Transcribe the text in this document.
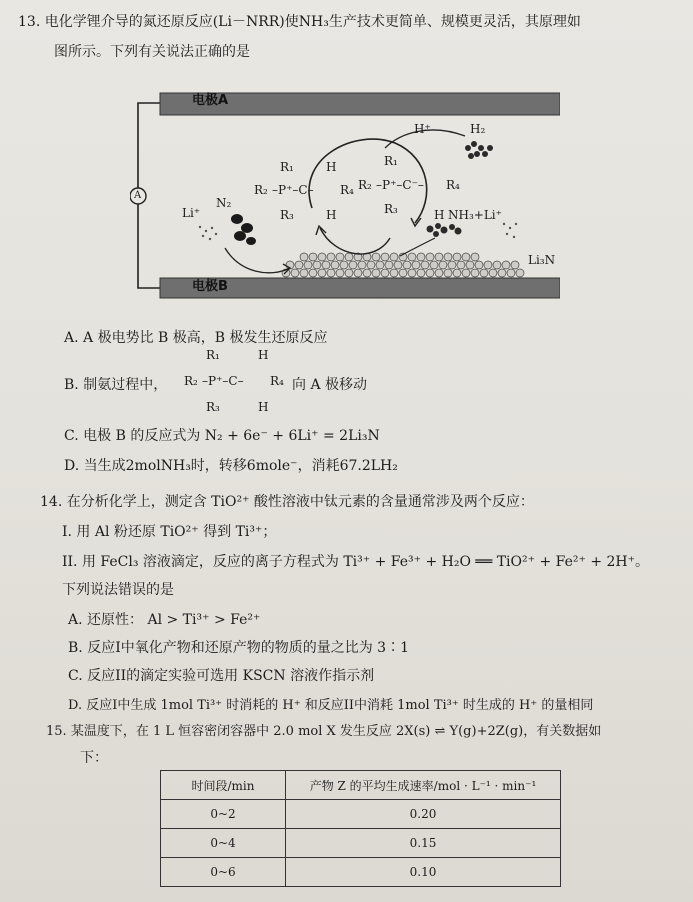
13. 电化学锂介导的氮还原反应(Li－NRR)使NH₃生产技术更简单、规模更灵活，其原理如
图所示。下列有关说法正确的是
电极A
电极B
A
H⁺	H₂
Li⁺
N₂
Li₃N
NH₃+Li⁺
R₁
R₂ –P⁺–C– R₄
R₃
H
H
R₁
R₂ –P⁺–C⁻– R₄
R₃	H
A. A 极电势比 B 极高，B 极发生还原反应
B. 制氨过程中，
R₁	H
R₂ –P⁺–C– R₄
R₃	H
向 A 极移动
C. 电极 B 的反应式为 N₂ + 6e⁻ + 6Li⁺ = 2Li₃N
D. 当生成2molNH₃时，转移6mole⁻，消耗67.2LH₂
14. 在分析化学上，测定含 TiO²⁺ 酸性溶液中钛元素的含量通常涉及两个反应：
I. 用 Al 粉还原 TiO²⁺ 得到 Ti³⁺；
II. 用 FeCl₃ 溶液滴定，反应的离子方程式为 Ti³⁺ + Fe³⁺ + H₂O ══ TiO²⁺ + Fe²⁺ + 2H⁺。
下列说法错误的是
A. 还原性： Al > Ti³⁺ > Fe²⁺
B. 反应I中氧化产物和还原产物的物质的量之比为 3∶1
C. 反应II的滴定实验可选用 KSCN 溶液作指示剂
D. 反应I中生成 1mol Ti³⁺ 时消耗的 H⁺ 和反应II中消耗 1mol Ti³⁺ 时生成的 H⁺ 的量相同
15. 某温度下，在 1 L 恒容密闭容器中 2.0 mol X 发生反应 2X(s) ⇌ Y(g)+2Z(g)，有关数据如
下：
时间段/min	产物 Z 的平均生成速率/mol · L⁻¹ · min⁻¹
0~2	0.20
0~4	0.15
0~6	0.10
